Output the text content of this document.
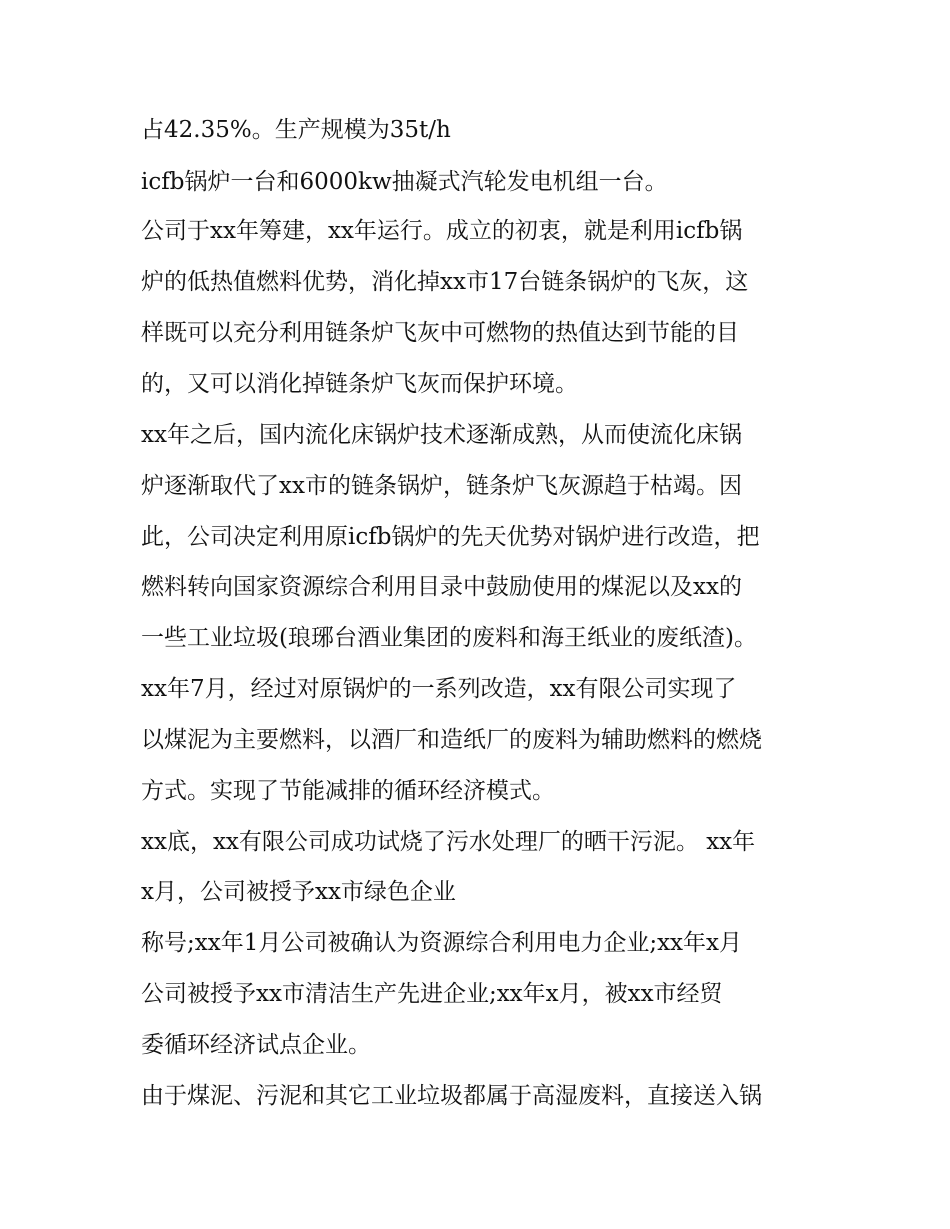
占42.35%。生产规模为35t/h
icfb锅炉一台和6000kw抽凝式汽轮发电机组一台。
公司于xx年筹建，xx年运行。成立的初衷，就是利用icfb锅
炉的低热值燃料优势，消化掉xx市17台链条锅炉的飞灰，这
样既可以充分利用链条炉飞灰中可燃物的热值达到节能的目
的，又可以消化掉链条炉飞灰而保护环境。
xx年之后，国内流化床锅炉技术逐渐成熟，从而使流化床锅
炉逐渐取代了xx市的链条锅炉，链条炉飞灰源趋于枯竭。因
此，公司决定利用原icfb锅炉的先天优势对锅炉进行改造，把
燃料转向国家资源综合利用目录中鼓励使用的煤泥以及xx的
一些工业垃圾(琅琊台酒业集团的废料和海王纸业的废纸渣)。
xx年7月，经过对原锅炉的一系列改造，xx有限公司实现了
以煤泥为主要燃料，以酒厂和造纸厂的废料为辅助燃料的燃烧
方式。实现了节能减排的循环经济模式。
xx底，xx有限公司成功试烧了污水处理厂的晒干污泥。 xx年
x月，公司被授予xx市绿色企业
称号;xx年1月公司被确认为资源综合利用电力企业;xx年x月
公司被授予xx市清洁生产先进企业;xx年x月，被xx市经贸
委循环经济试点企业。
由于煤泥、污泥和其它工业垃圾都属于高湿废料，直接送入锅
